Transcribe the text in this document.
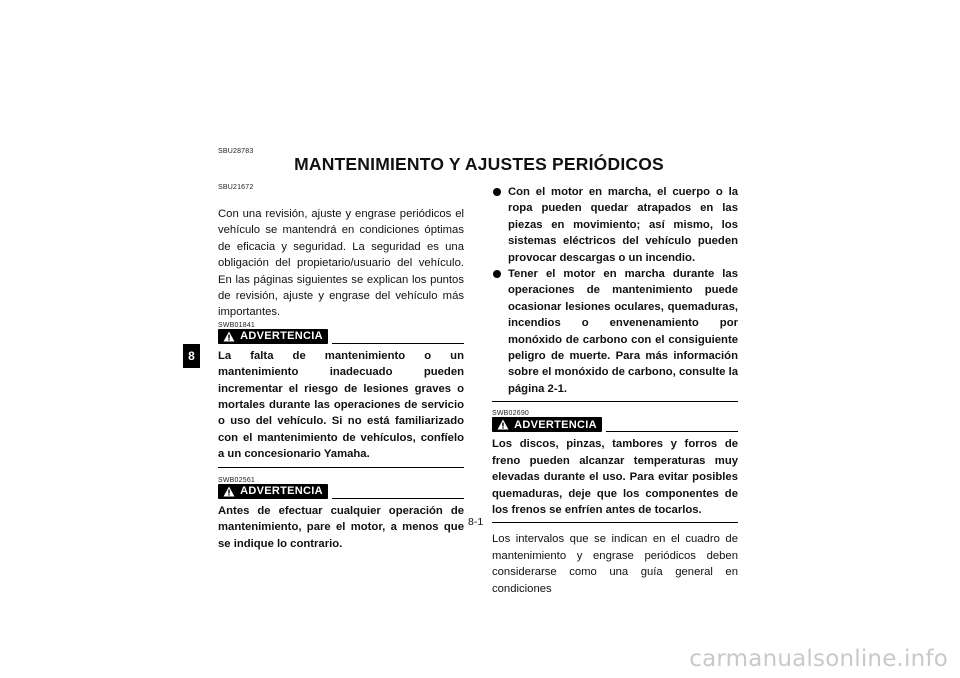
SBU28783
MANTENIMIENTO Y AJUSTES PERIÓDICOS
8
SBU21672

Con una revisión, ajuste y engrase periódicos el vehículo se mantendrá en condiciones óptimas de eficacia y seguridad. La seguridad es una obligación del propietario/usuario del vehículo. En las páginas siguientes se explican los puntos de revisión, ajuste y engrase del vehículo más importantes.

SWB01841
ADVERTENCIA

La falta de mantenimiento o un mantenimiento inadecuado pueden incrementar el riesgo de lesiones graves o mortales durante las operaciones de servicio o uso del vehículo. Si no está familiarizado con el mantenimiento de vehículos, confíelo a un concesionario Yamaha.

SWB02561
ADVERTENCIA

Antes de efectuar cualquier operación de mantenimiento, pare el motor, a menos que se indique lo contrario.

Con el motor en marcha, el cuerpo o la ropa pueden quedar atrapados en las piezas en movimiento; así mismo, los sistemas eléctricos del vehículo pueden provocar descargas o un incendio.
Tener el motor en marcha durante las operaciones de mantenimiento puede ocasionar lesiones oculares, quemaduras, incendios o envenenamiento por monóxido de carbono con el consiguiente peligro de muerte. Para más información sobre el monóxido de carbono, consulte la página 2-1.
SWB02690
ADVERTENCIA

Los discos, pinzas, tambores y forros de freno pueden alcanzar temperaturas muy elevadas durante el uso. Para evitar posibles quemaduras, deje que los componentes de los frenos se enfríen antes de tocarlos.

Los intervalos que se indican en el cuadro de mantenimiento y engrase periódicos deben considerarse como una guía general en condiciones

8-1
carmanualsonline.info
